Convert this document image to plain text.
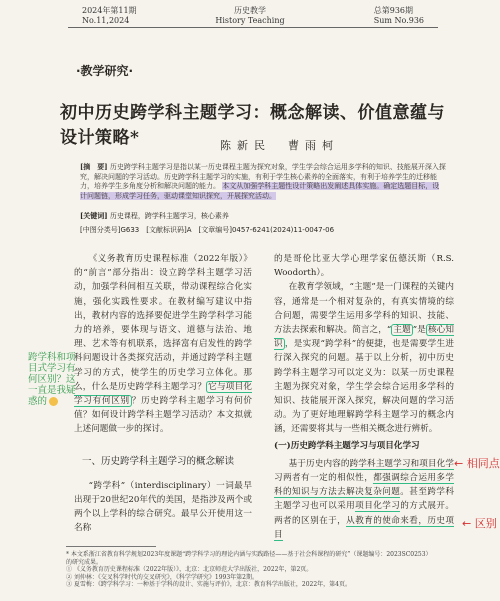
2024年第11期
No.11,2024
历史教学
History Teaching
总第936期
Sum No.936
·教学研究·
初中历史跨学科主题学习：概念解读、价值意蕴与设计策略*	陈新民　曹雨柯
[摘　要] 历史跨学科主题学习是指以某一历史课程主题为探究对象，学生学会综合运用多学科的知识、技能展开深入探究，解决问题的学习活动。历史跨学科主题学习的实施，有利于学生核心素养的全面落实，有利于培养学生的迁移能力，培养学生多角度分析和解决问题的能力。 本文从加强学科主题性设计策略出发阐述具体实施。确定选题目标，设计问题链，形成学习任务，驱动课堂知识探究，开展探究活动。
[关键词] 历史课程，跨学科主题学习，核心素养
[中图分类号]G633　[文献标识码]A　[文章编号]0457-6241(2024)11-0047-06

《义务教育历史课程标准（2022年版）》的“前言”部分指出：设立跨学科主题学习活动，加强学科间相互关联，带动课程综合化实施，强化实践性要求。在教材编写建议中指出，教材内容的选择要促进学生跨学科学习能力的培养，要体现与语文、道德与法治、地理、艺术等有机联系，选择富有启发性的跨学科问题设计各类探究活动，并通过跨学科主题学习的方式，使学生的历史学习立体化。那么，什么是历史跨学科主题学习？ 它与项目化学习有何区别 ？历史跨学科主题学习有何价值？如何设计跨学科主题学习活动？本文拟就上述问题做一步的探讨。

一、历史跨学科主题学习的概念解读

“跨学科”（interdisciplinary）一词最早出现于20世纪20年代的美国，是指涉及两个或两个以上学科的综合研究。最早公开使用这一名称

的是哥伦比亚大学心理学家伍德沃斯（R.S. Woodorth）。

在教育学领域，“主题”是一门课程的关键内容，通常是一个相对复杂的，有真实情境的综合问题，需要学生运用多学科的知识、技能、方法去探索和解决。简言之，“ 主题 ”是 核心知识 ，是实现“跨学科”的便捷，也是需要学生进行深入探究的问题。基于以上分析，初中历史跨学科主题学习可以定义为：以某一历史课程主题为探究对象，学生学会综合运用多学科的知识、技能展开深入探究，解决问题的学习活动。为了更好地理解跨学科主题学习的概念内涵，还需要将其与一些相关概念进行辨析。

(一)历史跨学科主题学习与项目化学习

基于历史内容的跨学科主题学习和项目化学习两者有一定的相似性，都强调综合运用多学科的知识与方法去解决复杂问题。甚至跨学科主题学习也可以采用项目化学习的方式展开。两者的区别在于，从教育的使命来看，历史项目

跨学科和项目式学习有何区别？这一直是我疑惑的
← 相同点
← 区别
* 本文系浙江省教育科学规划2023年度课题“跨学科学习的理论内涵与实践路径——基于社会科课程的研究”（课题编号：2023SC0253）的研究成果。
① 《义务教育历史课程标准（2022年版）》，北京：北京师范大学出版社，2022年，第2页。
② 刘仲林：《交叉科学时代的交叉研究》，《科学学研究》1993年第2期。
③ 夏雪梅：《跨学科学习：一种基于学科的设计、实施与评价》，北京：教育科学出版社，2022年，第4页。
